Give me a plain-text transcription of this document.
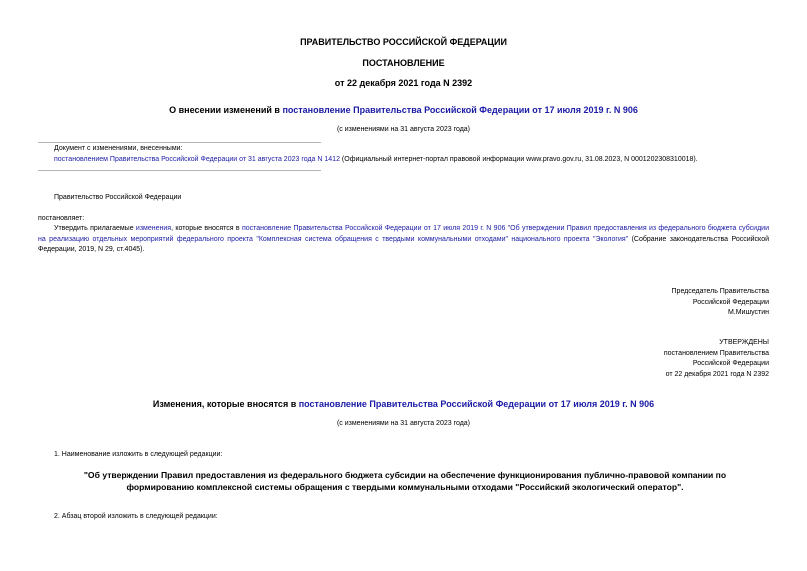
ПРАВИТЕЛЬСТВО РОССИЙСКОЙ ФЕДЕРАЦИИ
ПОСТАНОВЛЕНИЕ
от 22 декабря 2021 года N 2392
О внесении изменений в постановление Правительства Российской Федерации от 17 июля 2019 г. N 906
(с изменениями на 31 августа 2023 года)
Документ с изменениями, внесенными:
постановлением Правительства Российской Федерации от 31 августа 2023 года N 1412 (Официальный интернет-портал правовой информации www.pravo.gov.ru, 31.08.2023, N 0001202308310018).
Правительство Российской Федерации
постановляет:
Утвердить прилагаемые изменения, которые вносятся в постановление Правительства Российской Федерации от 17 июля 2019 г. N 906 "Об утверждении Правил предоставления из федерального бюджета субсидии на реализацию отдельных мероприятий федерального проекта "Комплексная система обращения с твердыми коммунальными отходами" национального проекта "Экология" (Собрание законодательства Российской Федерации, 2019, N 29, ст.4045).
Председатель Правительства
Российской Федерации
М.Мишустин
УТВЕРЖДЕНЫ
постановлением Правительства
Российской Федерации
от 22 декабря 2021 года N 2392
Изменения, которые вносятся в постановление Правительства Российской Федерации от 17 июля 2019 г. N 906
(с изменениями на 31 августа 2023 года)
1. Наименование изложить в следующей редакции:
"Об утверждении Правил предоставления из федерального бюджета субсидии на обеспечение функционирования публично-правовой компании по формированию комплексной системы обращения с твердыми коммунальными отходами "Российский экологический оператор".
2. Абзац второй изложить в следующей редакции:
